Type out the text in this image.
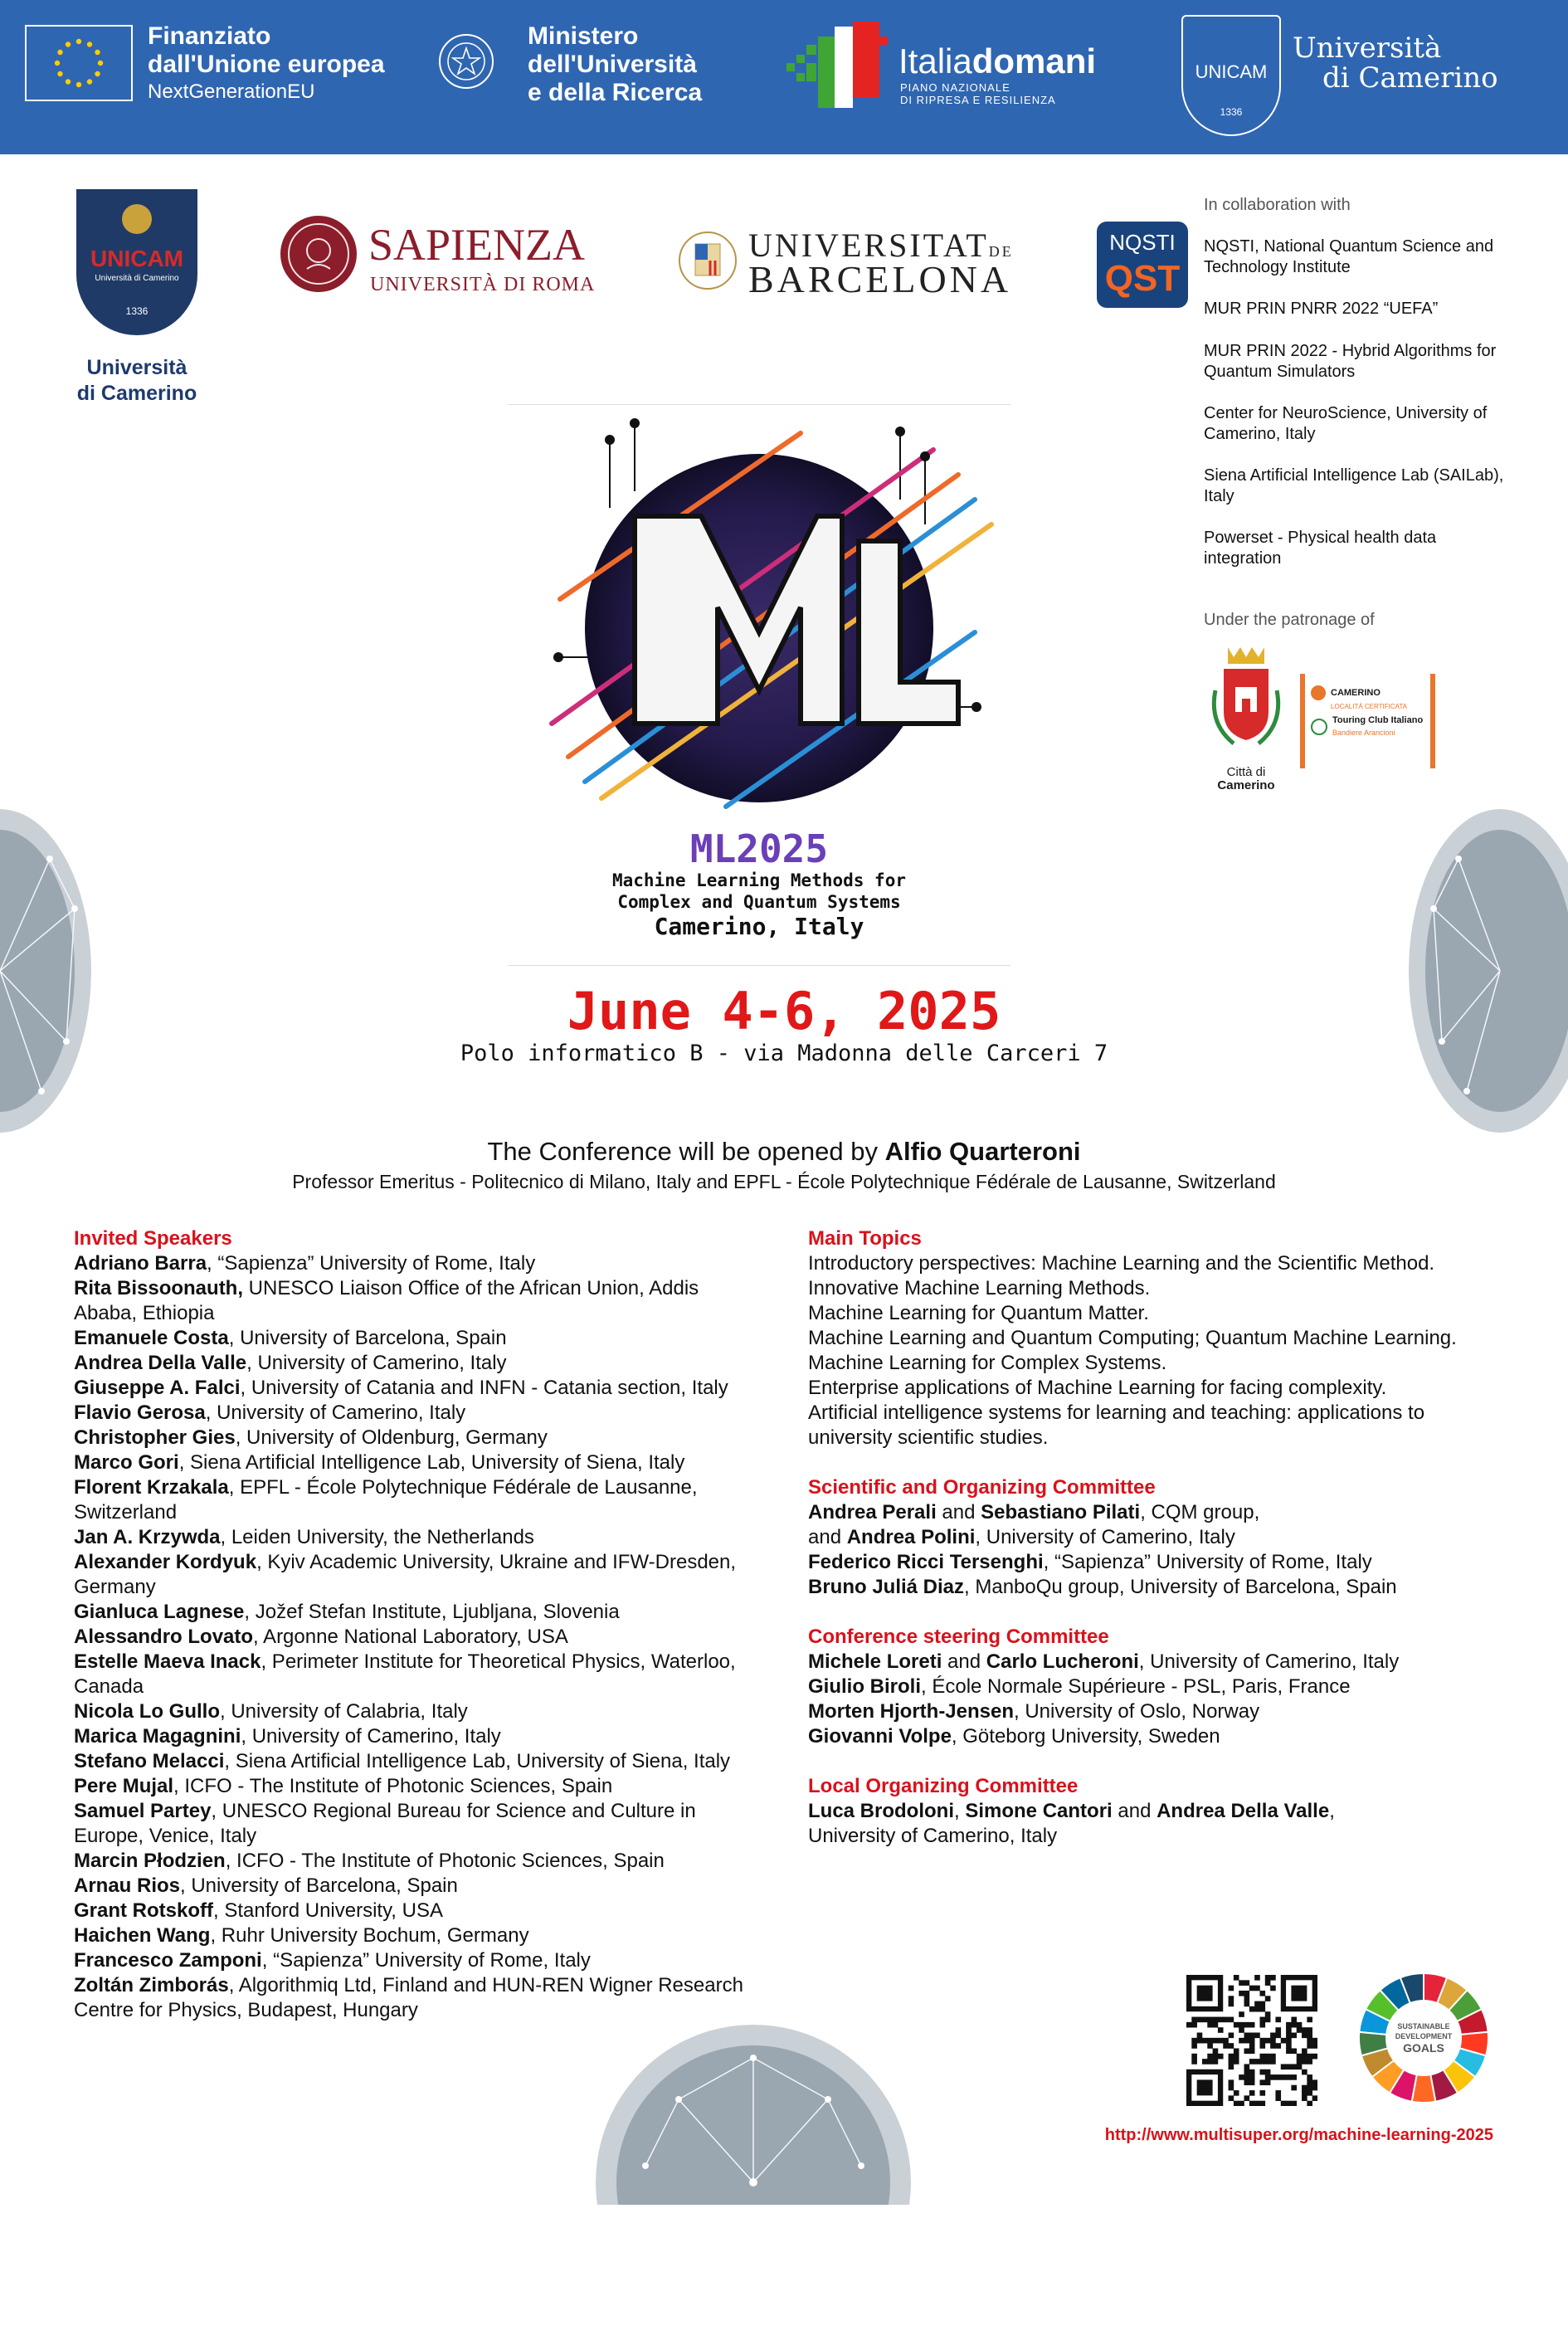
Finanziato
dall'Unione europea
NextGenerationEU
Ministero
dell'Università
e della Ricerca
Italiadomani
PIANO NAZIONALE
DI RIPRESA E RESILIENZA
UNICAM
1336
Università
di Camerino
UNICAM
Università di Camerino
1336
Università
di Camerino
SAPIENZA
UNIVERSITÀ DI ROMA
UNIVERSITATDE
BARCELONA
In collaboration with
NQSTI
QST
NQSTI, National Quantum Science and Technology Institute
MUR PRIN PNRR 2022 “UEFA”
MUR PRIN 2022 - Hybrid Algorithms for Quantum Simulators
Center for NeuroScience, University of Camerino, Italy
Siena Artificial Intelligence Lab (SAILab), Italy
Powerset - Physical health data integration
Under the patronage of
Città di
Camerino
CAMERINO
LOCALITÀ CERTIFICATA
Touring Club Italiano
Bandiere Arancioni
ML2025
Machine Learning Methods for
Complex and Quantum Systems
Camerino, Italy
June 4-6, 2025
Polo informatico B - via Madonna delle Carceri 7
The Conference will be opened by Alfio Quarteroni
Professor Emeritus - Politecnico di Milano, Italy and EPFL - École Polytechnique Fédérale de Lausanne, Switzerland
Invited Speakers
Adriano Barra, “Sapienza” University of Rome, Italy
Rita Bissoonauth, UNESCO Liaison Office of the African Union, Addis Ababa, Ethiopia
Emanuele Costa, University of Barcelona, Spain
Andrea Della Valle, University of Camerino, Italy
Giuseppe A. Falci, University of Catania and INFN - Catania section, Italy
Flavio Gerosa, University of Camerino, Italy
Christopher Gies, University of Oldenburg, Germany
Marco Gori, Siena Artificial Intelligence Lab, University of Siena, Italy
Florent Krzakala, EPFL - École Polytechnique Fédérale de Lausanne, Switzerland
Jan A. Krzywda, Leiden University, the Netherlands
Alexander Kordyuk, Kyiv Academic University, Ukraine and IFW-Dresden, Germany
Gianluca Lagnese, Jožef Stefan Institute, Ljubljana, Slovenia
Alessandro Lovato, Argonne National Laboratory, USA
Estelle Maeva Inack, Perimeter Institute for Theoretical Physics, Waterloo, Canada
Nicola Lo Gullo, University of Calabria, Italy
Marica Magagnini, University of Camerino, Italy
Stefano Melacci, Siena Artificial Intelligence Lab, University of Siena, Italy
Pere Mujal, ICFO - The Institute of Photonic Sciences, Spain
Samuel Partey, UNESCO Regional Bureau for Science and Culture in Europe, Venice, Italy
Marcin Płodzien, ICFO - The Institute of Photonic Sciences, Spain
Arnau Rios, University of Barcelona, Spain
Grant Rotskoff, Stanford University, USA
Haichen Wang, Ruhr University Bochum, Germany
Francesco Zamponi, “Sapienza” University of Rome, Italy
Zoltán Zimborás, Algorithmiq Ltd, Finland and HUN-REN Wigner Research Centre for Physics, Budapest, Hungary
Main Topics
Introductory perspectives: Machine Learning and the Scientific Method.
Innovative Machine Learning Methods.
Machine Learning for Quantum Matter.
Machine Learning and Quantum Computing; Quantum Machine Learning.
Machine Learning for Complex Systems.
Enterprise applications of Machine Learning for facing complexity.
Artificial intelligence systems for learning and teaching: applications to university scientific studies.
Scientific and Organizing Committee
Andrea Perali and Sebastiano Pilati, CQM group,
and Andrea Polini, University of Camerino, Italy
Federico Ricci Tersenghi, “Sapienza” University of Rome, Italy
Bruno Juliá Diaz, ManboQu group, University of Barcelona, Spain
Conference steering Committee
Michele Loreti and Carlo Lucheroni, University of Camerino, Italy
Giulio Biroli, École Normale Supérieure - PSL, Paris, France
Morten Hjorth-Jensen, University of Oslo, Norway
Giovanni Volpe, Göteborg University, Sweden
Local Organizing Committee
Luca Brodoloni, Simone Cantori and Andrea Della Valle,
University of Camerino, Italy
SUSTAINABLE
DEVELOPMENT
GOALS
http://www.multisuper.org/machine-learning-2025
